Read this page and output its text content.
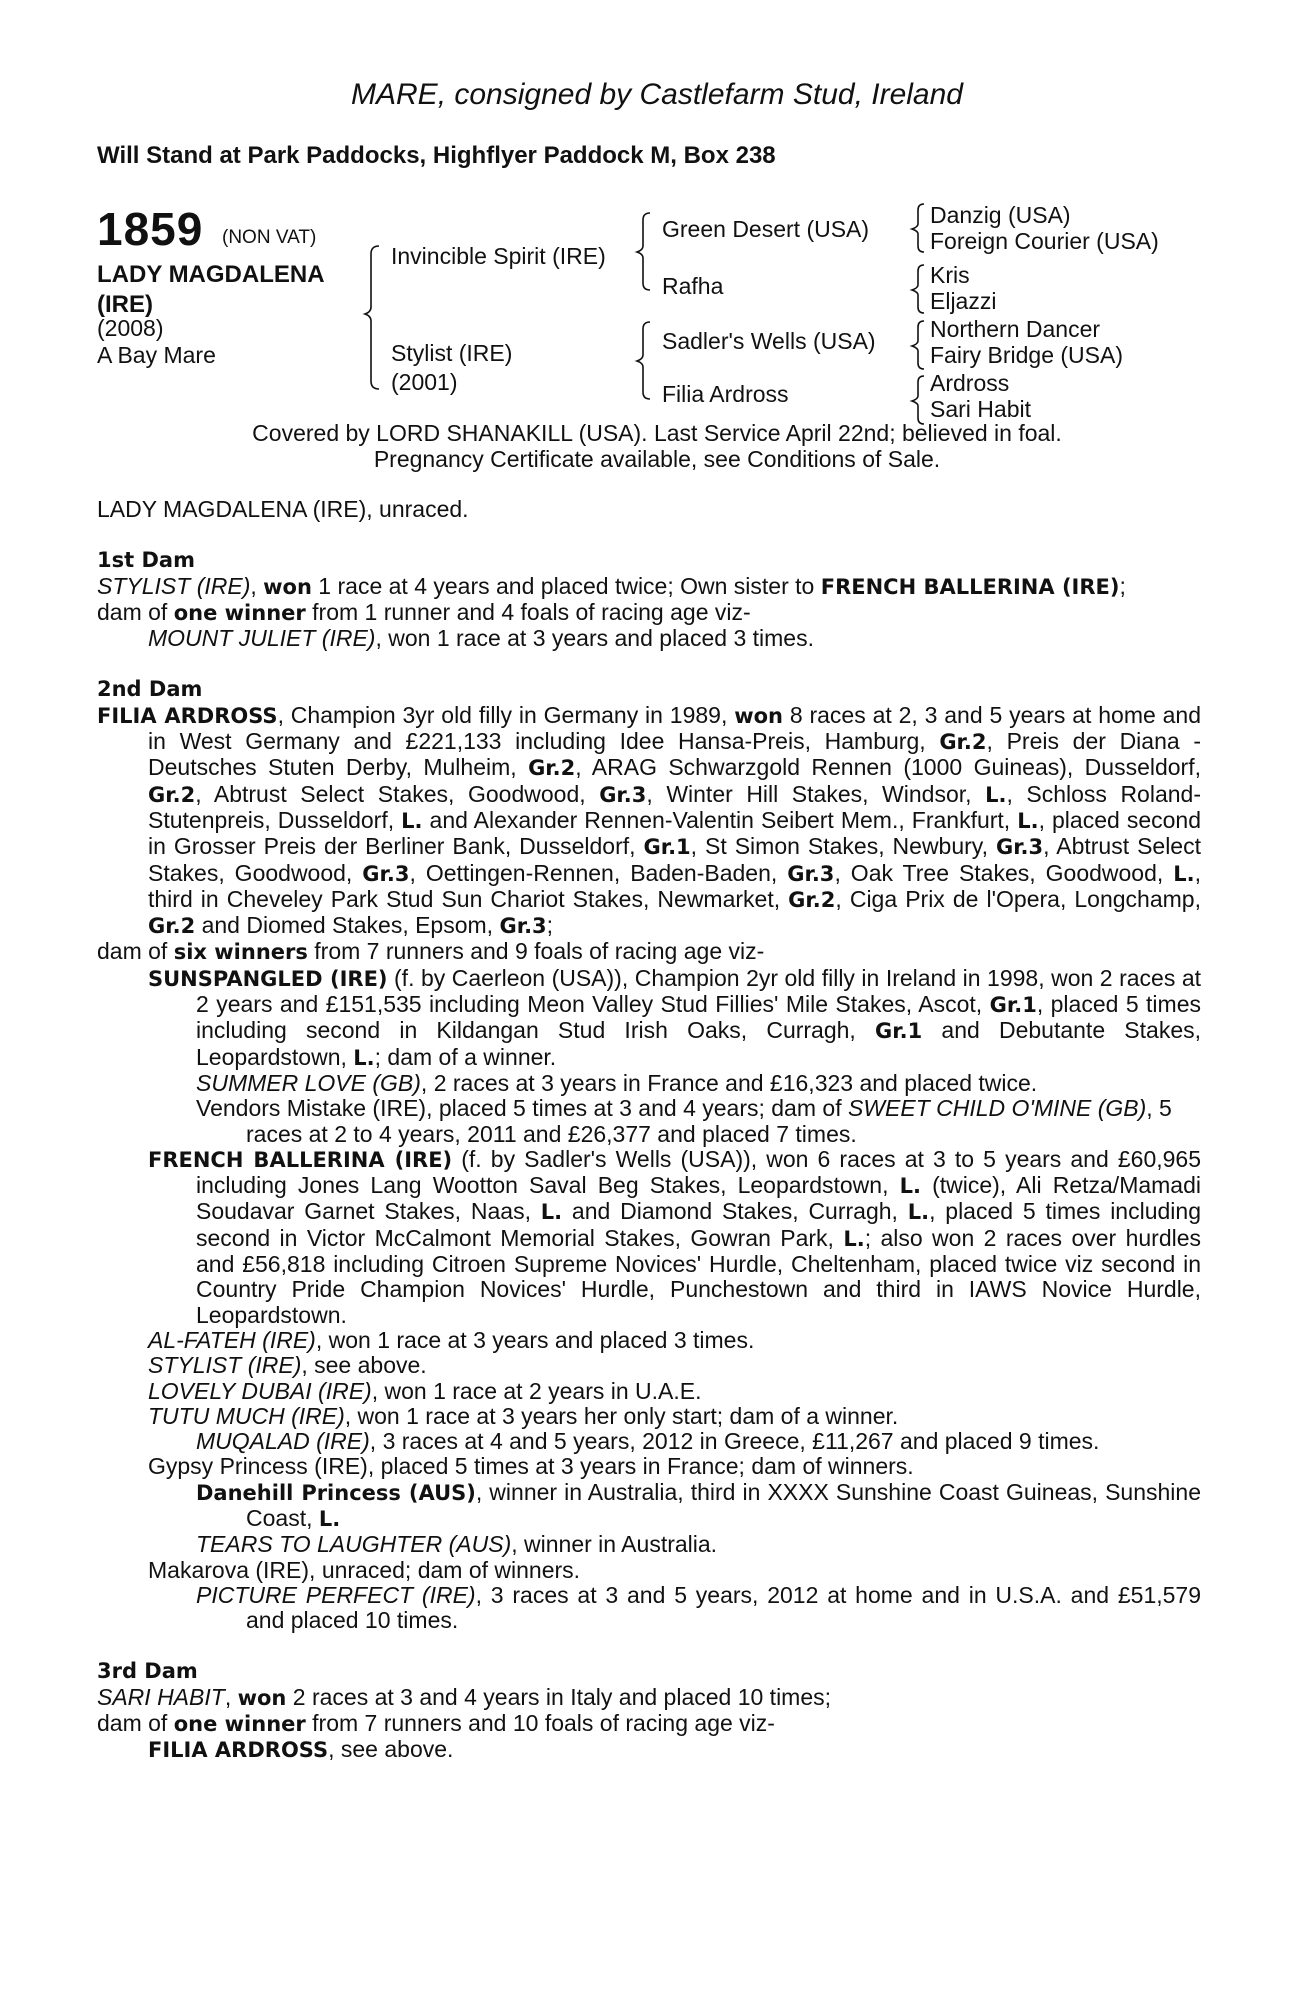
MARE, consigned by Castlefarm Stud, Ireland
Will Stand at Park Paddocks, Highflyer Paddock M, Box 238
1859 (NON VAT)
LADY MAGDALENA
(IRE)
(2008)
A Bay Mare
Invincible Spirit (IRE)
Stylist (IRE)
(2001)
Green Desert (USA)
Rafha
Sadler's Wells (USA)
Filia Ardross
Danzig (USA)
Foreign Courier (USA)
Kris
Eljazzi
Northern Dancer
Fairy Bridge (USA)
Ardross
Sari Habit
Covered by LORD SHANAKILL (USA). Last Service April 22nd; believed in foal.
Pregnancy Certificate available, see Conditions of Sale.

LADY MAGDALENA (IRE), unraced.

1st Dam

STYLIST (IRE), won 1 race at 4 years and placed twice; Own sister to FRENCH BALLERINA (IRE);

dam of one winner from 1 runner and 4 foals of racing age viz-

MOUNT JULIET (IRE), won 1 race at 3 years and placed 3 times.

2nd Dam

FILIA ARDROSS, Champion 3yr old filly in Germany in 1989, won 8 races at 2, 3 and 5 years at home and in West Germany and £221,133 including Idee Hansa-Preis, Hamburg, Gr.2, Preis der Diana - Deutsches Stuten Derby, Mulheim, Gr.2, ARAG Schwarzgold Rennen (1000 Guineas), Dusseldorf, Gr.2, Abtrust Select Stakes, Goodwood, Gr.3, Winter Hill Stakes, Windsor, L., Schloss Roland-Stutenpreis, Dusseldorf, L. and Alexander Rennen-Valentin Seibert Mem., Frankfurt, L., placed second in Grosser Preis der Berliner Bank, Dusseldorf, Gr.1, St Simon Stakes, Newbury, Gr.3, Abtrust Select Stakes, Goodwood, Gr.3, Oettingen-Rennen, Baden-Baden, Gr.3, Oak Tree Stakes, Goodwood, L., third in Cheveley Park Stud Sun Chariot Stakes, Newmarket, Gr.2, Ciga Prix de l'Opera, Longchamp, Gr.2 and Diomed Stakes, Epsom, Gr.3;

dam of six winners from 7 runners and 9 foals of racing age viz-

SUNSPANGLED (IRE) (f. by Caerleon (USA)), Champion 2yr old filly in Ireland in 1998, won 2 races at 2 years and £151,535 including Meon Valley Stud Fillies' Mile Stakes, Ascot, Gr.1, placed 5 times including second in Kildangan Stud Irish Oaks, Curragh, Gr.1 and Debutante Stakes, Leopardstown, L.; dam of a winner.

SUMMER LOVE (GB), 2 races at 3 years in France and £16,323 and placed twice.

Vendors Mistake (IRE), placed 5 times at 3 and 4 years; dam of SWEET CHILD O'MINE (GB), 5 races at 2 to 4 years, 2011 and £26,377 and placed 7 times.

FRENCH BALLERINA (IRE) (f. by Sadler's Wells (USA)), won 6 races at 3 to 5 years and £60,965 including Jones Lang Wootton Saval Beg Stakes, Leopardstown, L. (twice), Ali Retza/Mamadi Soudavar Garnet Stakes, Naas, L. and Diamond Stakes, Curragh, L., placed 5 times including second in Victor McCalmont Memorial Stakes, Gowran Park, L.; also won 2 races over hurdles and £56,818 including Citroen Supreme Novices' Hurdle, Cheltenham, placed twice viz second in Country Pride Champion Novices' Hurdle, Punchestown and third in IAWS Novice Hurdle, Leopardstown.

AL-FATEH (IRE), won 1 race at 3 years and placed 3 times.

STYLIST (IRE), see above.

LOVELY DUBAI (IRE), won 1 race at 2 years in U.A.E.

TUTU MUCH (IRE), won 1 race at 3 years her only start; dam of a winner.

MUQALAD (IRE), 3 races at 4 and 5 years, 2012 in Greece, £11,267 and placed 9 times.

Gypsy Princess (IRE), placed 5 times at 3 years in France; dam of winners.

Danehill Princess (AUS), winner in Australia, third in XXXX Sunshine Coast Guineas, Sunshine Coast, L.

TEARS TO LAUGHTER (AUS), winner in Australia.

Makarova (IRE), unraced; dam of winners.

PICTURE PERFECT (IRE), 3 races at 3 and 5 years, 2012 at home and in U.S.A. and £51,579 and placed 10 times.

3rd Dam

SARI HABIT, won 2 races at 3 and 4 years in Italy and placed 10 times;

dam of one winner from 7 runners and 10 foals of racing age viz-

FILIA ARDROSS, see above.
